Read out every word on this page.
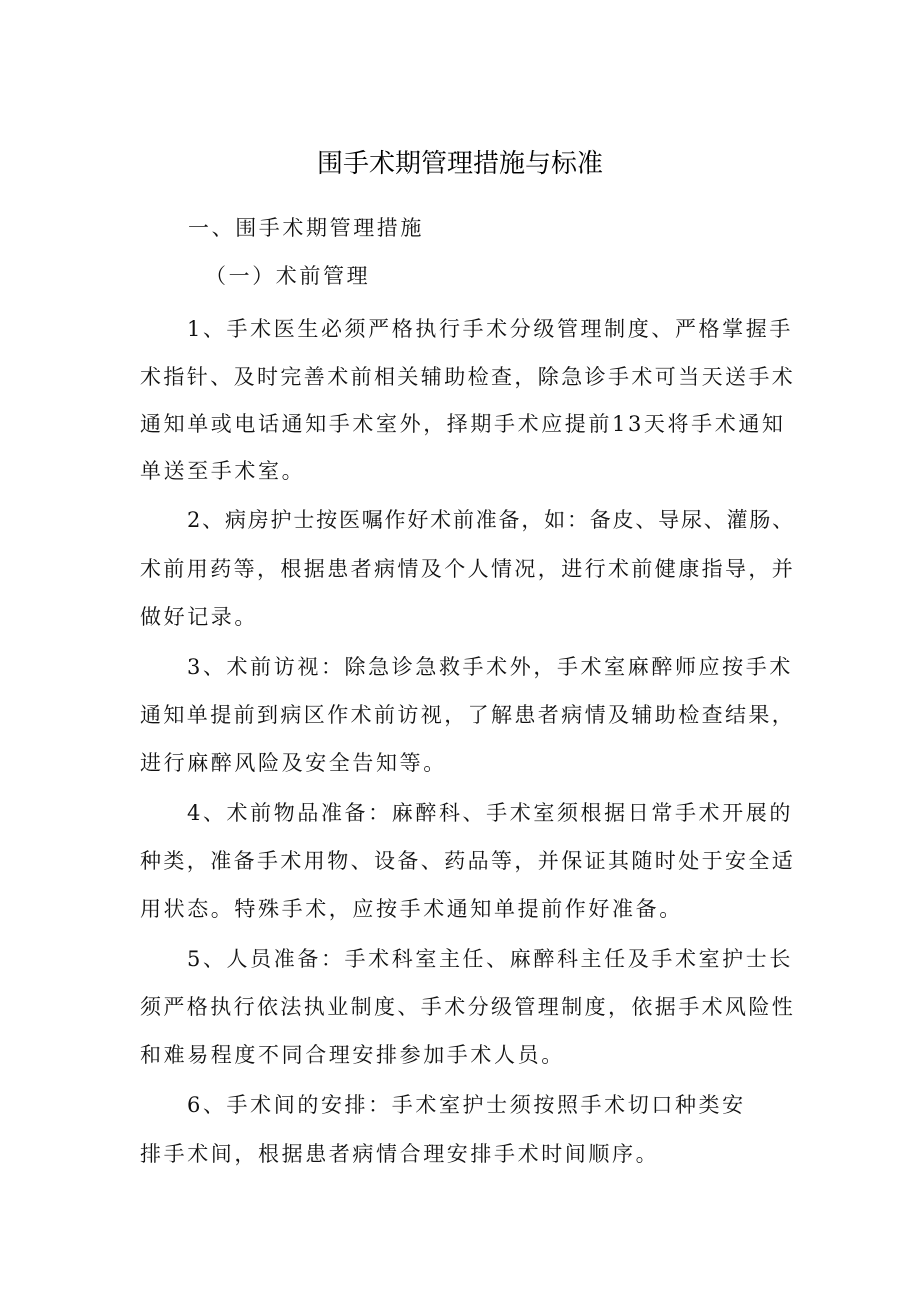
围手术期管理措施与标准
一、围手术期管理措施
（一）术前管理
1、手术医生必须严格执行手术分级管理制度、严格掌握手
术指针、及时完善术前相关辅助检查，除急诊手术可当天送手术
通知单或电话通知手术室外，择期手术应提前13天将手术通知
单送至手术室。
2、病房护士按医嘱作好术前准备，如：备皮、导尿、灌肠、
术前用药等，根据患者病情及个人情况，进行术前健康指导，并
做好记录。
3、术前访视：除急诊急救手术外，手术室麻醉师应按手术
通知单提前到病区作术前访视，了解患者病情及辅助检查结果，
进行麻醉风险及安全告知等。
4、术前物品准备：麻醉科、手术室须根据日常手术开展的
种类，准备手术用物、设备、药品等，并保证其随时处于安全适
用状态。特殊手术，应按手术通知单提前作好准备。
5、人员准备：手术科室主任、麻醉科主任及手术室护士长
须严格执行依法执业制度、手术分级管理制度，依据手术风险性
和难易程度不同合理安排参加手术人员。
6、手术间的安排：手术室护士须按照手术切口种类安
排手术间，根据患者病情合理安排手术时间顺序。
